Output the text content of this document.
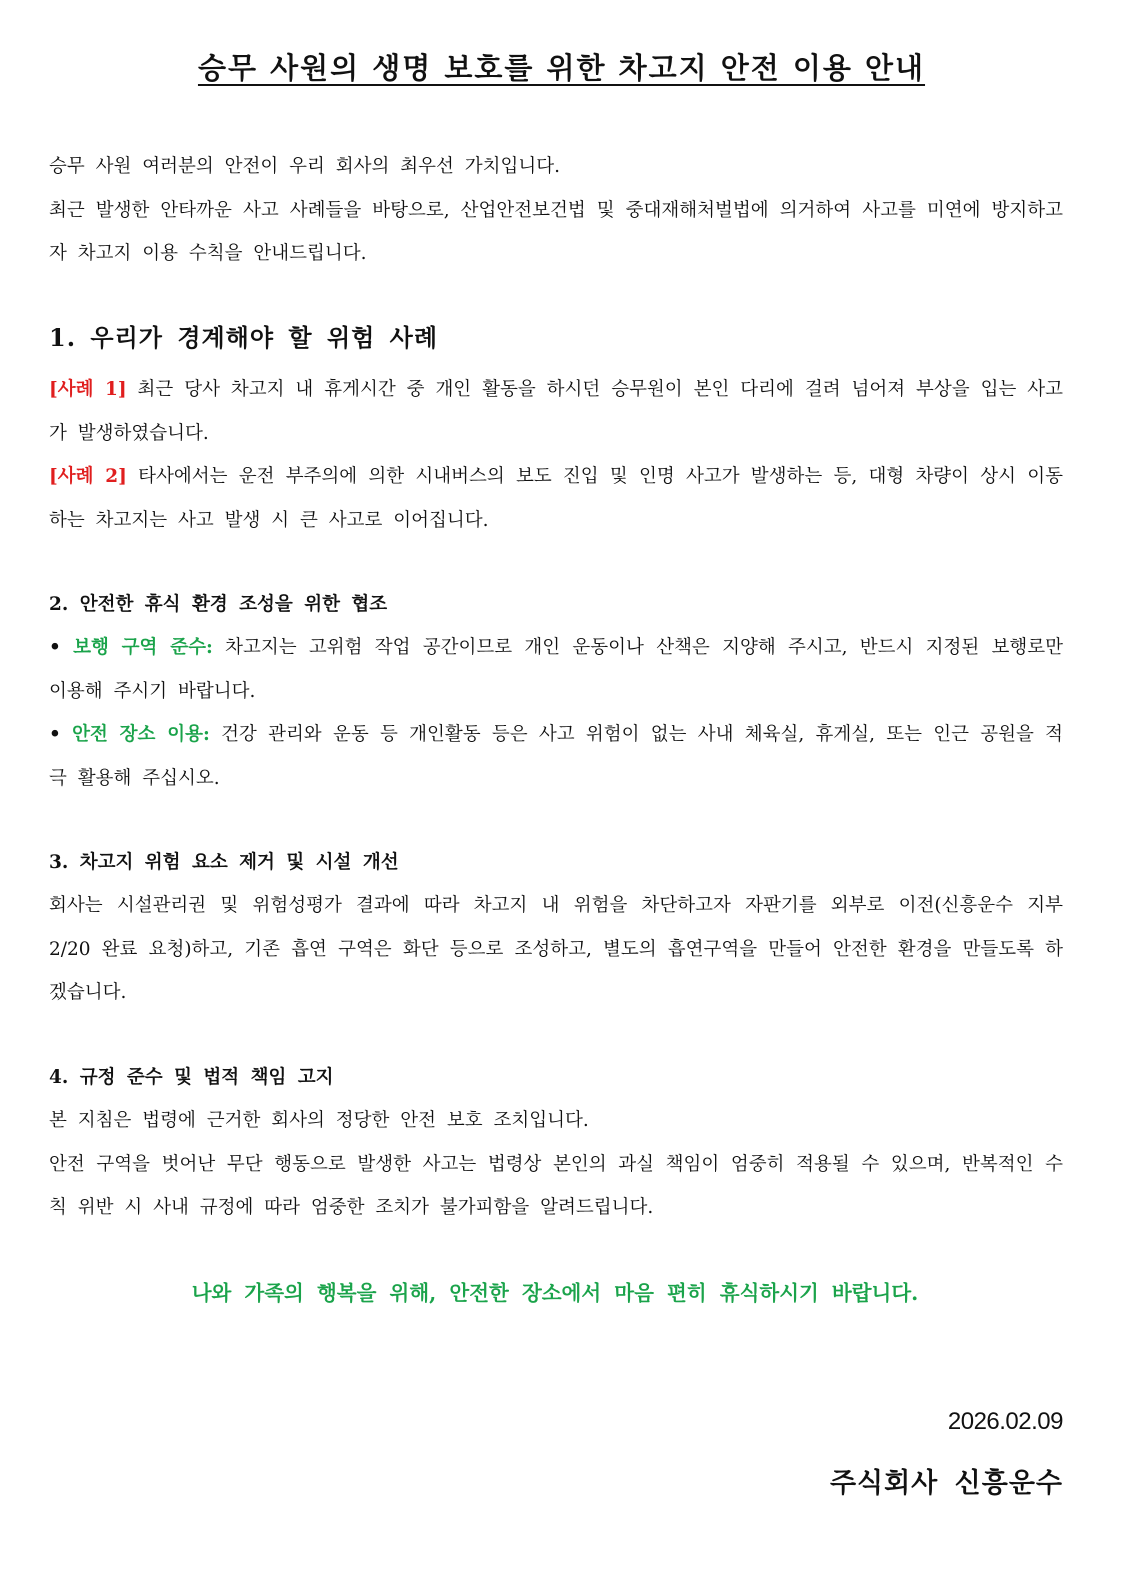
승무 사원의 생명 보호를 위한 차고지 안전 이용 안내

승무 사원 여러분의 안전이 우리 회사의 최우선 가치입니다.

최근 발생한 안타까운 사고 사례들을 바탕으로, 산업안전보건법 및 중대재해처벌법에 의거하여 사고를 미연에 방지하고자 차고지 이용 수칙을 안내드립니다.

1. 우리가 경계해야 할 위험 사례

[사례 1] 최근 당사 차고지 내 휴게시간 중 개인 활동을 하시던 승무원이 본인 다리에 걸려 넘어져 부상을 입는 사고가 발생하였습니다.

[사례 2] 타사에서는 운전 부주의에 의한 시내버스의 보도 진입 및 인명 사고가 발생하는 등, 대형 차량이 상시 이동하는 차고지는 사고 발생 시 큰 사고로 이어집니다.

2. 안전한 휴식 환경 조성을 위한 협조

• 보행 구역 준수: 차고지는 고위험 작업 공간이므로 개인 운동이나 산책은 지양해 주시고, 반드시 지정된 보행로만 이용해 주시기 바랍니다.

• 안전 장소 이용: 건강 관리와 운동 등 개인활동 등은 사고 위험이 없는 사내 체육실, 휴게실, 또는 인근 공원을 적극 활용해 주십시오.

3. 차고지 위험 요소 제거 및 시설 개선

회사는 시설관리권 및 위험성평가 결과에 따라 차고지 내 위험을 차단하고자 자판기를 외부로 이전(신흥운수 지부 2/20 완료 요청)하고, 기존 흡연 구역은 화단 등으로 조성하고, 별도의 흡연구역을 만들어 안전한 환경을 만들도록 하겠습니다.

4. 규정 준수 및 법적 책임 고지

본 지침은 법령에 근거한 회사의 정당한 안전 보호 조치입니다.

안전 구역을 벗어난 무단 행동으로 발생한 사고는 법령상 본인의 과실 책임이 엄중히 적용될 수 있으며, 반복적인 수칙 위반 시 사내 규정에 따라 엄중한 조치가 불가피함을 알려드립니다.

나와 가족의 행복을 위해, 안전한 장소에서 마음 편히 휴식하시기 바랍니다.
2026.02.09
주식회사 신흥운수
